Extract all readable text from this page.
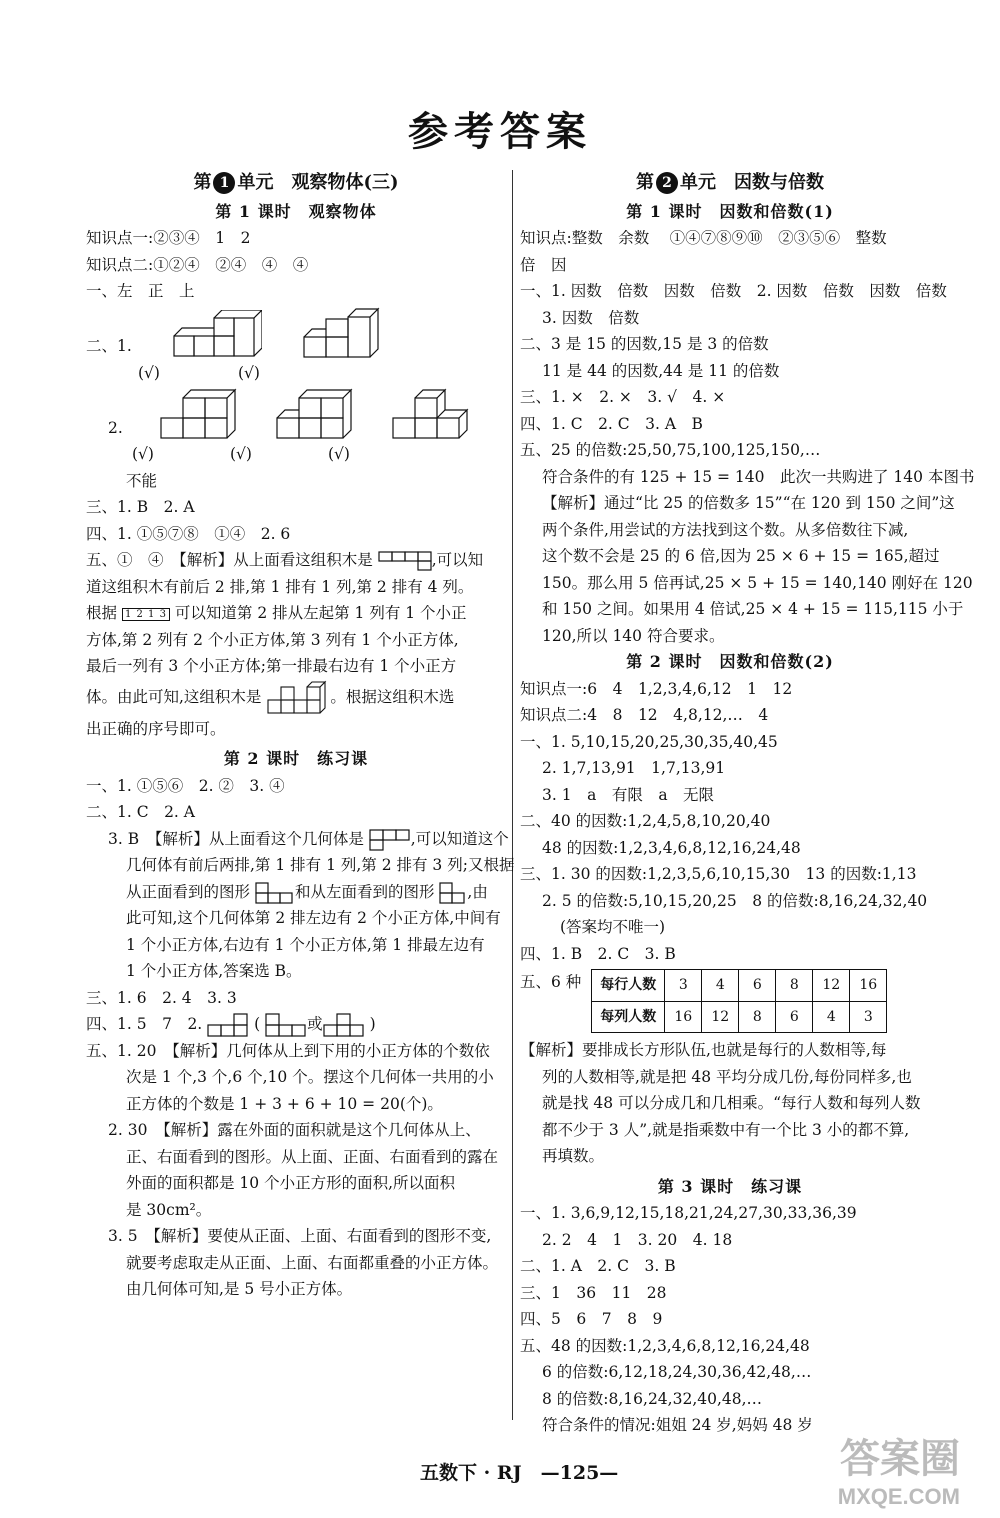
参考答案
第 1 单元　 观察物体(三)
第 1 课时　观察物体
知识点一:②③④　1　2
知识点二:①②④　②④　④　④
一、左　正　上
二、1.
(√)	(√)
2.
(√)	(√)	(√)
不能
三、1. B　2. A
四、1. ①⑤⑦⑧　①④　2. 6
五、①　④　【解析】从上面看这组积木是	,可以知
道这组积木有前后 2 排,第 1 排有 1 列,第 2 排有 4 列。
根据 1 2 1 3 可以知道第 2 排从左起第 1 列有 1 个小正
方体,第 2 列有 2 个小正方体,第 3 列有 1 个小正方体,
最后一列有 3 个小正方体;第一排最右边有 1 个小正方
体。由此可知,这组积木是	。根据这组积木选
出正确的序号即可。
第 2 课时　练习课
一、1. ①⑤⑥　2. ②　3. ④
二、1. C　2. A
3. B　【解析】从上面看这个几何体是	,可以知道这个
几何体有前后两排,第 1 排有 1 列,第 2 排有 3 列;又根据
从正面看到的图形	和从左面看到的图形 ,由
此可知,这个几何体第 2 排左边有 2 个小正方体,中间有
1 个小正方体,右边有 1 个小正方体,第 1 排最左边有
1 个小正方体,答案选 B。
三、1. 6　2. 4　3. 3
四、1. 5　7　2.	(	或	)
五、1. 20　【解析】几何体从上到下用的小正方体的个数依
次是 1 个,3 个,6 个,10 个。摆这个几何体一共用的小
正方体的个数是 1 + 3 + 6 + 10 = 20(个)。
2. 30　【解析】露在外面的面积就是这个几何体从上、
正、右面看到的图形。从上面、正面、右面看到的露在
外面的面积都是 10 个小正方形的面积,所以面积
是 30cm²。
3. 5　【解析】要使从正面、上面、右面看到的图形不变,
就要考虑取走从正面、上面、右面都重叠的小正方体。
由几何体可知,是 5 号小正方体。
第 2 单元　 因数与倍数
第 1 课时　因数和倍数(1)
知识点:整数　余数　 ①④⑦⑧⑨⑩　②③⑤⑥　整数
倍　因
一、1. 因数　倍数　因数　倍数　2. 因数　倍数　因数　倍数
3. 因数　倍数
二、3 是 15 的因数,15 是 3 的倍数
11 是 44 的因数,44 是 11 的倍数
三、1. ×　2. ×　3. √　4. ×
四、1. C　2. C　3. A　B
五、25 的倍数:25,50,75,100,125,150,…
符合条件的有 125 + 15 = 140　此次一共购进了 140 本图书
【解析】通过“比 25 的倍数多 15”“在 120 到 150 之间”这
两个条件,用尝试的方法找到这个数。从多倍数往下减,
这个数不会是 25 的 6 倍,因为 25 × 6 + 15 = 165,超过
150。那么用 5 倍再试,25 × 5 + 15 = 140,140 刚好在 120
和 150 之间。如果用 4 倍试,25 × 4 + 15 = 115,115 小于
120,所以 140 符合要求。
第 2 课时　因数和倍数(2)
知识点一:6　4　1,2,3,4,6,12　1　12
知识点二:4　8　12　4,8,12,…　4
一、1. 5,10,15,20,25,30,35,40,45
2. 1,7,13,91　1,7,13,91
3. 1　a　有限　a　无限
二、40 的因数:1,2,4,5,8,10,20,40
48 的因数:1,2,3,4,6,8,12,16,24,48
三、1. 30 的因数:1,2,3,5,6,10,15,30　13 的因数:1,13
2. 5 的倍数:5,10,15,20,25　8 的倍数:8,16,24,32,40
(答案均不唯一)
四、1. B　2. C　3. B
五、6 种 每行人数	3	4	6	8	12	16
每列人数	16	12	8	6	4	3
【解析】要排成长方形队伍,也就是每行的人数相等,每
列的人数相等,就是把 48 平均分成几份,每份同样多,也
就是找 48 可以分成几和几相乘。“每行人数和每列人数
都不少于 3 人”,就是指乘数中有一个比 3 小的都不算,
再填数。
第 3 课时　练习课
一、1. 3,6,9,12,15,18,21,24,27,30,33,36,39
2. 2　4　1　3. 20　4. 18
二、1. A　2. C　3. B
三、1　36　11　28
四、5　6　7　8　9
五、48 的因数:1,2,3,4,6,8,12,16,24,48
6 的倍数:6,12,18,24,30,36,42,48,…
8 的倍数:8,16,24,32,40,48,…
符合条件的情况:姐姐 24 岁,妈妈 48 岁
五数下 · RJ　—125—	答案圈
MXQE.COM
